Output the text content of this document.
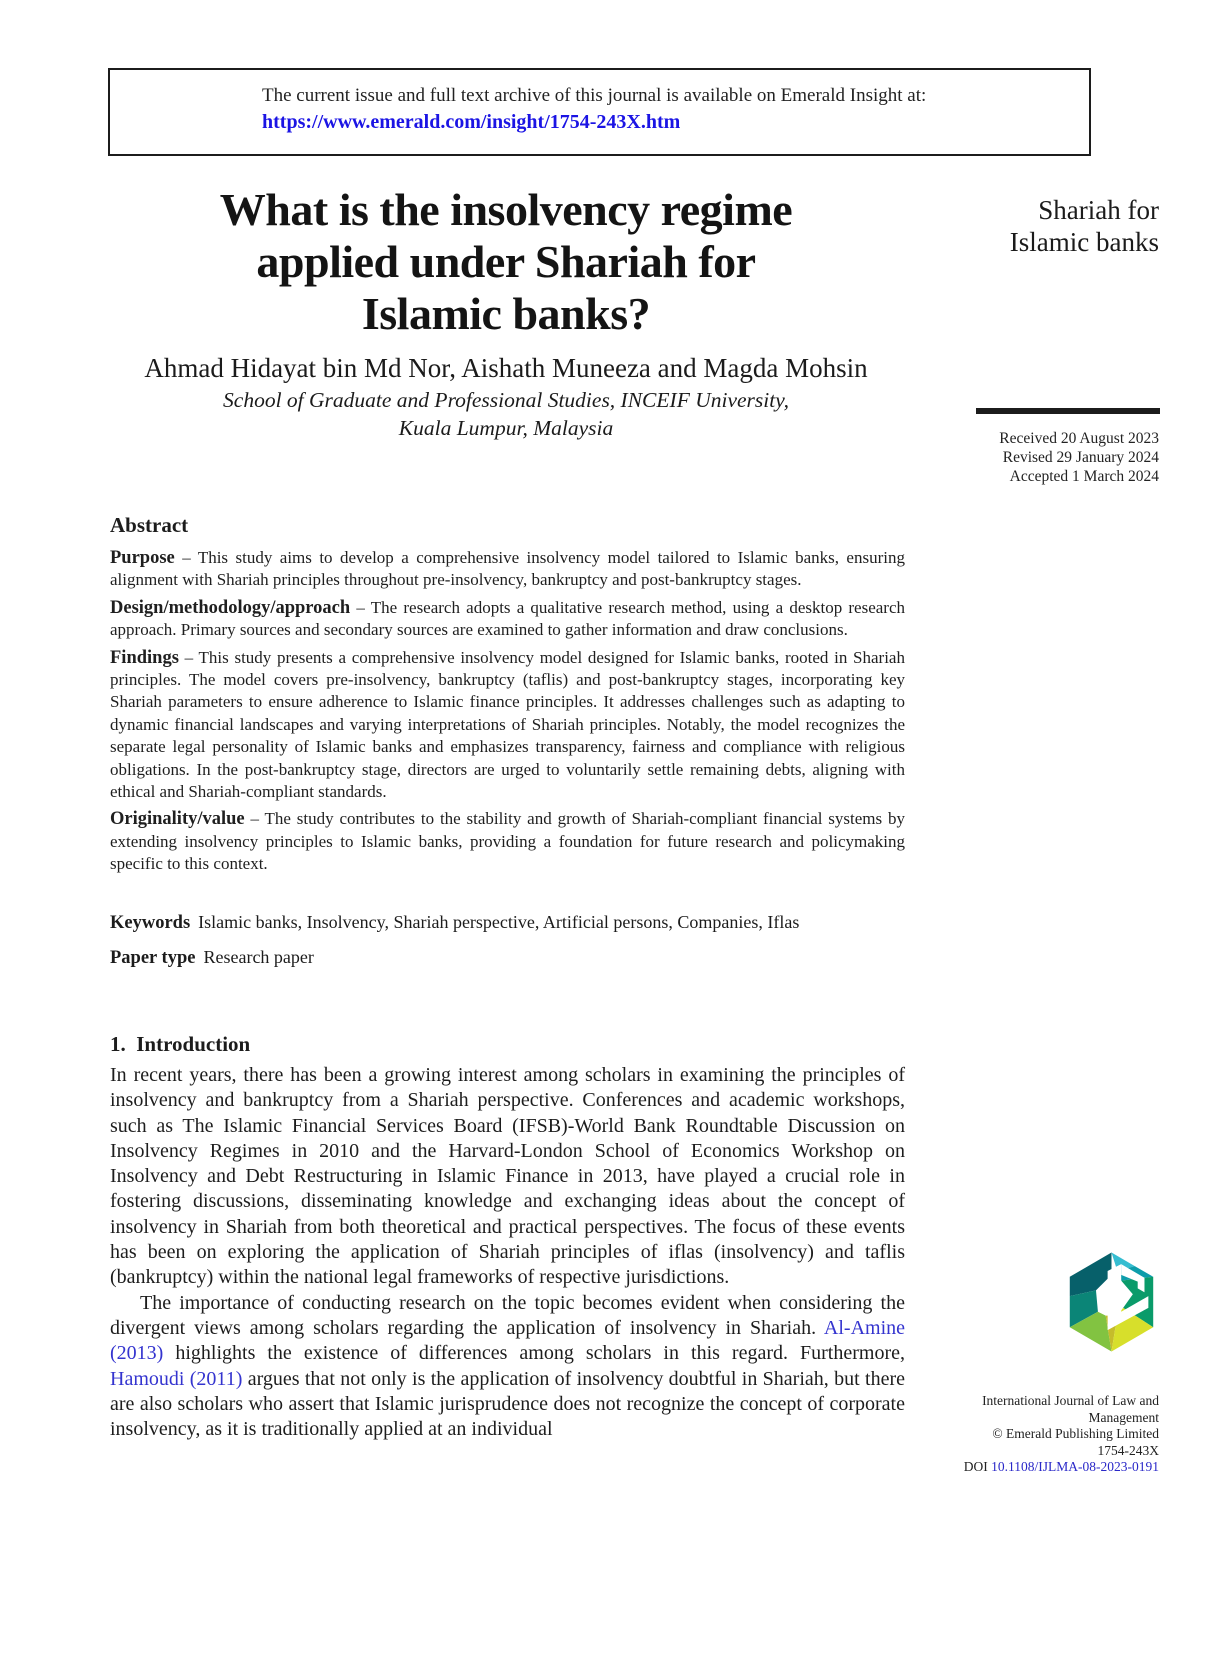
The current issue and full text archive of this journal is available on Emerald Insight at:
https://www.emerald.com/insight/1754-243X.htm
Shariah for
Islamic banks
What is the insolvency regime
applied under Shariah for
Islamic banks?
Ahmad Hidayat bin Md Nor, Aishath Muneeza and Magda Mohsin
School of Graduate and Professional Studies, INCEIF University,
Kuala Lumpur, Malaysia	Received 20 August 2023
Revised 29 January 2024
Accepted 1 March 2024
Abstract

Purpose – This study aims to develop a comprehensive insolvency model tailored to Islamic banks, ensuring alignment with Shariah principles throughout pre-insolvency, bankruptcy and post-bankruptcy stages.

Design/methodology/approach – The research adopts a qualitative research method, using a desktop research approach. Primary sources and secondary sources are examined to gather information and draw conclusions.

Findings – This study presents a comprehensive insolvency model designed for Islamic banks, rooted in Shariah principles. The model covers pre-insolvency, bankruptcy (taflis) and post-bankruptcy stages, incorporating key Shariah parameters to ensure adherence to Islamic finance principles. It addresses challenges such as adapting to dynamic financial landscapes and varying interpretations of Shariah principles. Notably, the model recognizes the separate legal personality of Islamic banks and emphasizes transparency, fairness and compliance with religious obligations. In the post-bankruptcy stage, directors are urged to voluntarily settle remaining debts, aligning with ethical and Shariah-compliant standards.

Originality/value – The study contributes to the stability and growth of Shariah-compliant financial systems by extending insolvency principles to Islamic banks, providing a foundation for future research and policymaking specific to this context.

Keywords Islamic banks, Insolvency, Shariah perspective, Artificial persons, Companies, Iflas
Paper type Research paper
1.  Introduction

In recent years, there has been a growing interest among scholars in examining the principles of insolvency and bankruptcy from a Shariah perspective. Conferences and academic workshops, such as The Islamic Financial Services Board (IFSB)-World Bank Roundtable Discussion on Insolvency Regimes in 2010 and the Harvard-London School of Economics Workshop on Insolvency and Debt Restructuring in Islamic Finance in 2013, have played a crucial role in fostering discussions, disseminating knowledge and exchanging ideas about the concept of insolvency in Shariah from both theoretical and practical perspectives. The focus of these events has been on exploring the application of Shariah principles of iflas (insolvency) and taflis (bankruptcy) within the national legal frameworks of respective jurisdictions.

The importance of conducting research on the topic becomes evident when considering the divergent views among scholars regarding the application of insolvency in Shariah. Al-Amine (2013) highlights the existence of differences among scholars in this regard. Furthermore, Hamoudi (2011) argues that not only is the application of insolvency doubtful in Shariah, but there are also scholars who assert that Islamic jurisprudence does not recognize the concept of corporate insolvency, as it is traditionally applied at an individual

International Journal of Law and
Management
© Emerald Publishing Limited
1754-243X
DOI 10.1108/IJLMA-08-2023-0191
